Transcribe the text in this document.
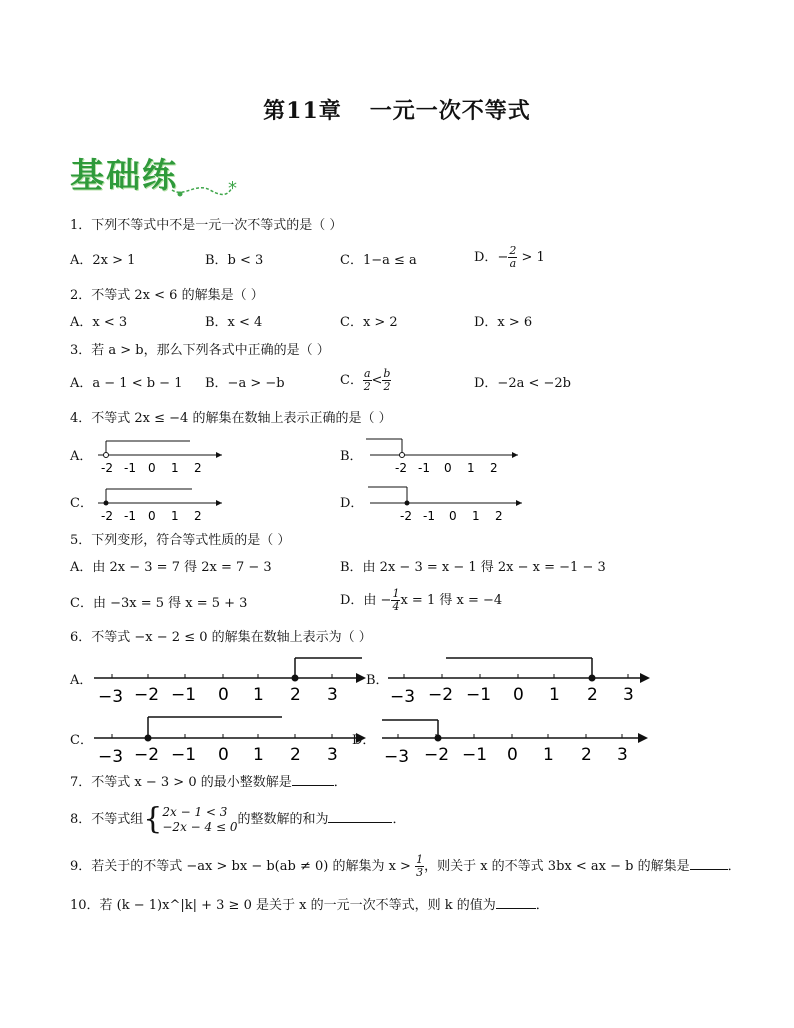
第11章 一元一次不等式
基础练	*
1．下列不等式中不是一元一次不等式的是（ ）
A．2x > 1	B．b < 3	C．1−a ≤ a	D．− $\frac{2}{a} > 1$
2．不等式 2x < 6 的解集是（ ）
A．x < 3	B．x < 4	C．x > 2	D．x > 6
3．若 a > b，那么下列各式中正确的是（ ）
A．a − 1 < b − 1 B．−a > −b	C． $\frac{a}{2} < \frac{b}{2}$	D．−2a < −2b
4．不等式 2x ≤ −4 的解集在数轴上表示正确的是（ ）
A．
-2 -1 0 1 2
B．
-2 -1 0 1 2
C．
-2 -1 0 1 2
D．
-2 -1 0 1 2
5．下列变形，符合等式性质的是（ ）
A．由 2x − 3 = 7 得 2x = 7 − 3	B．由 2x − 3 = x − 1 得 2x − x = −1 − 3
C．由 −3x = 5 得 x = 5 + 3	D．由 − $\frac{1}{4}$ x = 1 得 x = −4
6．不等式 −x − 2 ≤ 0 的解集在数轴上表示为（ ）
A．
−3 −2 −1 0 1 2 3
B．
−3 −2 −1 0 1 2 3
C．
−3 −2 −1 0 1 2 3
D．
−3 −2 −1 0 1 2 3
7．不等式 x − 3 > 0 的最小整数解是	．
8．不等式组{ 2x − 1 < 3
−2x − 4 ≤ 0 的整数解的和为	．
9．若关于的不等式 −ax > bx − b(ab ≠ 0) 的解集为 $x > \frac{1}{3}$ ，则关于 x 的不等式 3bx < ax − b 的解集是	．
10．若 (k − 1)x^|k| + 3 ≥ 0 是关于 x 的一元一次不等式，则 k 的值为	．
